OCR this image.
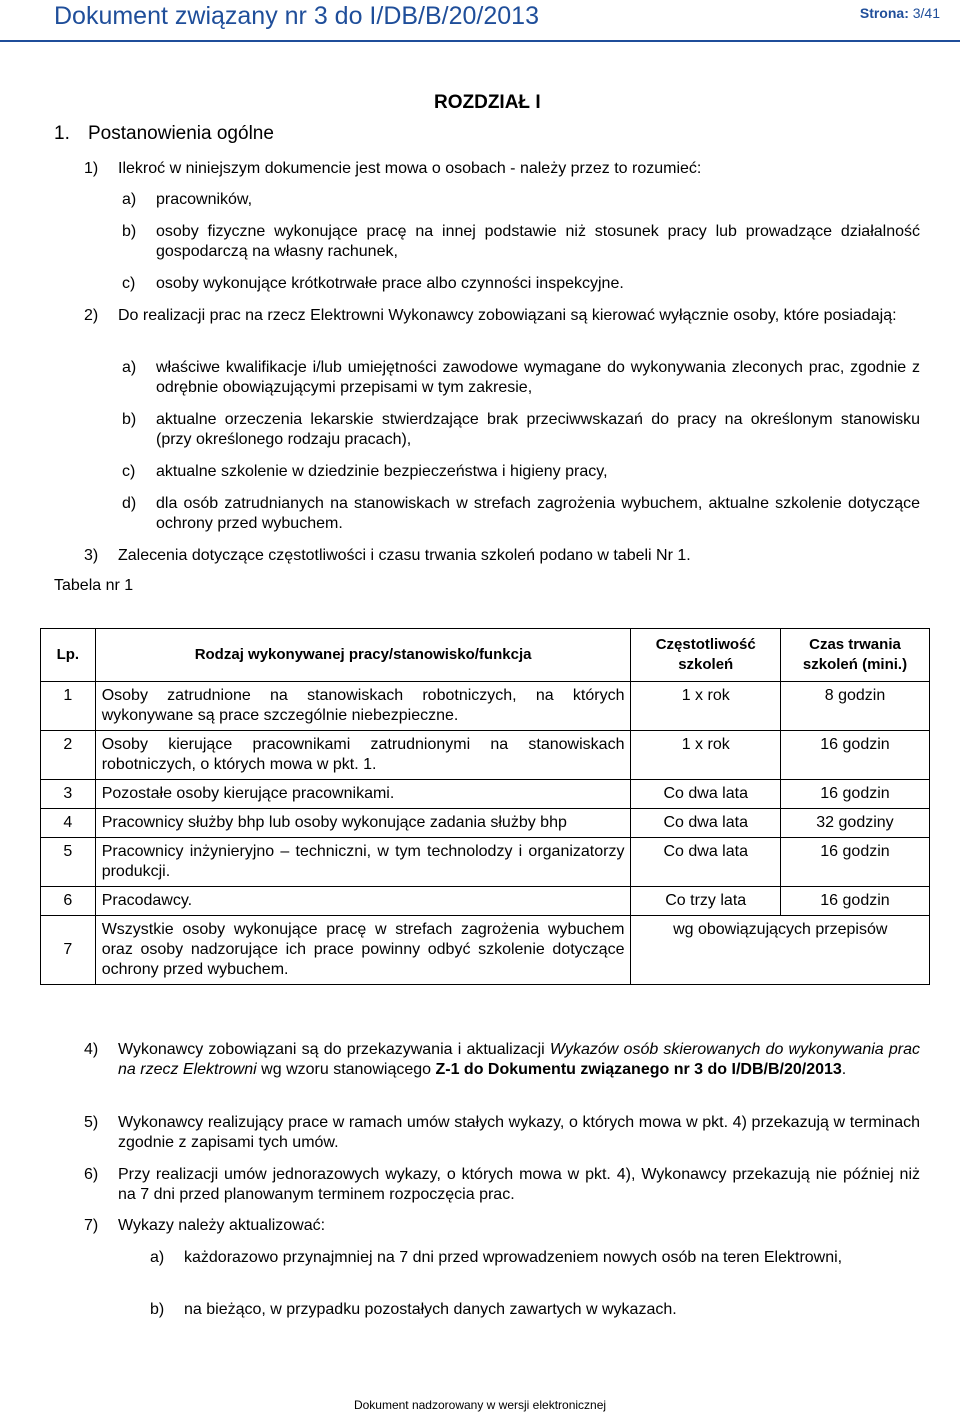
Dokument związany nr 3 do I/DB/B/20/2013	Strona: 3/41
ROZDZIAŁ I
1. Postanowienia ogólne
1) Ilekroć w niniejszym dokumencie jest mowa o osobach - należy przez to rozumieć:
a) pracowników,
b) osoby fizyczne wykonujące pracę na innej podstawie niż stosunek pracy lub prowadzące działalność gospodarczą na własny rachunek,
c) osoby wykonujące krótkotrwałe prace albo czynności inspekcyjne.
2)	Do realizacji prac na rzecz Elektrowni Wykonawcy zobowiązani są kierować wyłącznie osoby, które posiadają:
a) właściwe kwalifikacje i/lub umiejętności zawodowe wymagane do wykonywania zleconych prac, zgodnie z odrębnie obowiązującymi przepisami w tym zakresie,
b) aktualne orzeczenia lekarskie stwierdzające brak przeciwwskazań do pracy na określonym stanowisku (przy określonego rodzaju pracach),
c) aktualne szkolenie w dziedzinie bezpieczeństwa i higieny pracy,
d) dla osób zatrudnianych na stanowiskach w strefach zagrożenia wybuchem, aktualne szkolenie dotyczące ochrony przed wybuchem.
3) Zalecenia dotyczące częstotliwości i czasu trwania szkoleń podano w tabeli Nr 1.
Tabela nr 1
Lp.	Rodzaj wykonywanej pracy/stanowisko/funkcja	Częstotliwość szkoleń	Czas trwania szkoleń (mini.)
1	Osoby zatrudnione na stanowiskach robotniczych, na których wykonywane są prace szczególnie niebezpieczne.	1 x rok	8 godzin
2	Osoby kierujące pracownikami zatrudnionymi na stanowiskach robotniczych, o których mowa w pkt. 1.	1 x rok	16 godzin
3	Pozostałe osoby kierujące pracownikami.	Co dwa lata	16 godzin
4	Pracownicy służby bhp lub osoby wykonujące zadania służby bhp	Co dwa lata	32 godziny
5	Pracownicy inżynieryjno – techniczni, w tym technolodzy i organizatorzy produkcji.	Co dwa lata	16 godzin
6	Pracodawcy.	Co trzy lata	16 godzin
7	Wszystkie osoby wykonujące pracę w strefach zagrożenia wybuchem oraz osoby nadzorujące ich prace powinny odbyć szkolenie dotyczące ochrony przed wybuchem.	wg obowiązujących przepisów	
4) Wykonawcy zobowiązani są do przekazywania i aktualizacji Wykazów osób skierowanych do wykonywania prac na rzecz Elektrowni wg wzoru stanowiącego Z-1 do Dokumentu związanego nr 3 do I/DB/B/20/2013.
5) Wykonawcy realizujący prace w ramach umów stałych wykazy, o których mowa w pkt. 4) przekazują w terminach zgodnie z zapisami tych umów.
6) Przy realizacji umów jednorazowych wykazy, o których mowa w pkt. 4), Wykonawcy przekazują nie później niż na 7 dni przed planowanym terminem rozpoczęcia prac.
7) Wykazy należy aktualizować:
a) każdorazowo przynajmniej na 7 dni przed wprowadzeniem nowych osób na teren Elektrowni,
b) na bieżąco, w przypadku pozostałych danych zawartych w wykazach.
Dokument nadzorowany w wersji elektronicznej
